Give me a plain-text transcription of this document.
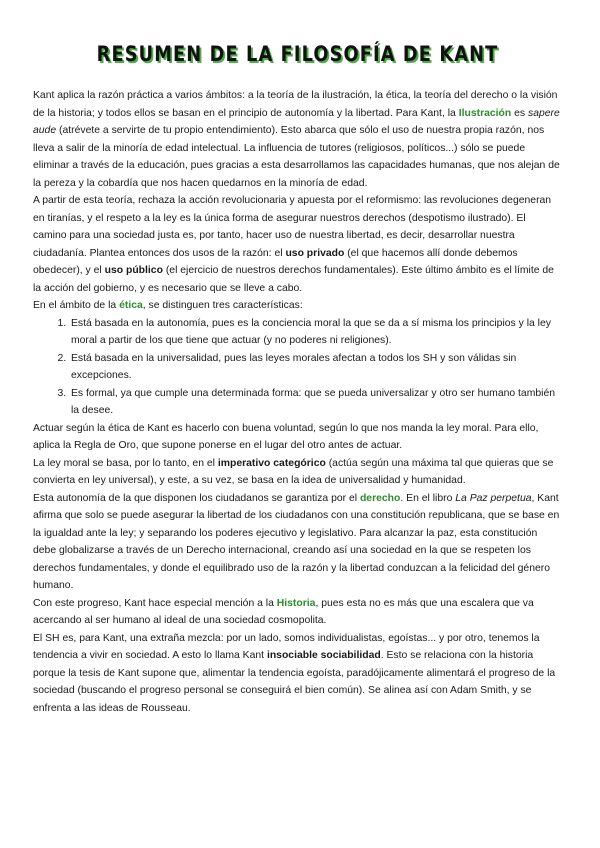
RESUMEN DE LA FILOSOFÍA DE KANT

Kant aplica la razón práctica a varios ámbitos: a la teoría de la ilustración, la ética, la teoría del derecho o la visión de la historia; y todos ellos se basan en el principio de autonomía y la libertad. Para Kant, la Ilustración es sapere aude (atrévete a servirte de tu propio entendimiento). Esto abarca que sólo el uso de nuestra propia razón, nos lleva a salir de la minoría de edad intelectual. La influencia de tutores (religiosos, políticos...) sólo se puede eliminar a través de la educación, pues gracias a esta desarrollamos las capacidades humanas, que nos alejan de la pereza y la cobardía que nos hacen quedarnos en la minoría de edad.

A partir de esta teoría, rechaza la acción revolucionaria y apuesta por el reformismo: las revoluciones degeneran en tiranías, y el respeto a la ley es la única forma de asegurar nuestros derechos (despotismo ilustrado). El camino para una sociedad justa es, por tanto, hacer uso de nuestra libertad, es decir, desarrollar nuestra ciudadanía. Plantea entonces dos usos de la razón: el uso privado (el que hacemos allí donde debemos obedecer), y el uso público (el ejercicio de nuestros derechos fundamentales). Este último ámbito es el límite de la acción del gobierno, y es necesario que se lleve a cabo.

En el ámbito de la ética, se distinguen tres características:

1. Está basada en la autonomía, pues es la conciencia moral la que se da a sí misma los principios y la ley moral a partir de los que tiene que actuar (y no poderes ni religiones).
2. Está basada en la universalidad, pues las leyes morales afectan a todos los SH y son válidas sin excepciones.
3. Es formal, ya que cumple una determinada forma: que se pueda universalizar y otro ser humano también la desee.

Actuar según la ética de Kant es hacerlo con buena voluntad, según lo que nos manda la ley moral. Para ello, aplica la Regla de Oro, que supone ponerse en el lugar del otro antes de actuar.

La ley moral se basa, por lo tanto, en el imperativo categórico (actúa según una máxima tal que quieras que se convierta en ley universal), y este, a su vez, se basa en la idea de universalidad y humanidad.

Esta autonomía de la que disponen los ciudadanos se garantiza por el derecho. En el libro La Paz perpetua, Kant afirma que solo se puede asegurar la libertad de los ciudadanos con una constitución republicana, que se base en la igualdad ante la ley; y separando los poderes ejecutivo y legislativo. Para alcanzar la paz, esta constitución debe globalizarse a través de un Derecho internacional, creando así una sociedad en la que se respeten los derechos fundamentales, y donde el equilibrado uso de la razón y la libertad conduzcan a la felicidad del género humano.

Con este progreso, Kant hace especial mención a la Historia, pues esta no es más que una escalera que va acercando al ser humano al ideal de una sociedad cosmopolita.

El SH es, para Kant, una extraña mezcla: por un lado, somos individualistas, egoístas... y por otro, tenemos la tendencia a vivir en sociedad. A esto lo llama Kant insociable sociabilidad. Esto se relaciona con la historia porque la tesis de Kant supone que, alimentar la tendencia egoísta, paradójicamente alimentará el progreso de la sociedad (buscando el progreso personal se conseguirá el bien común). Se alinea así con Adam Smith, y se enfrenta a las ideas de Rousseau.
